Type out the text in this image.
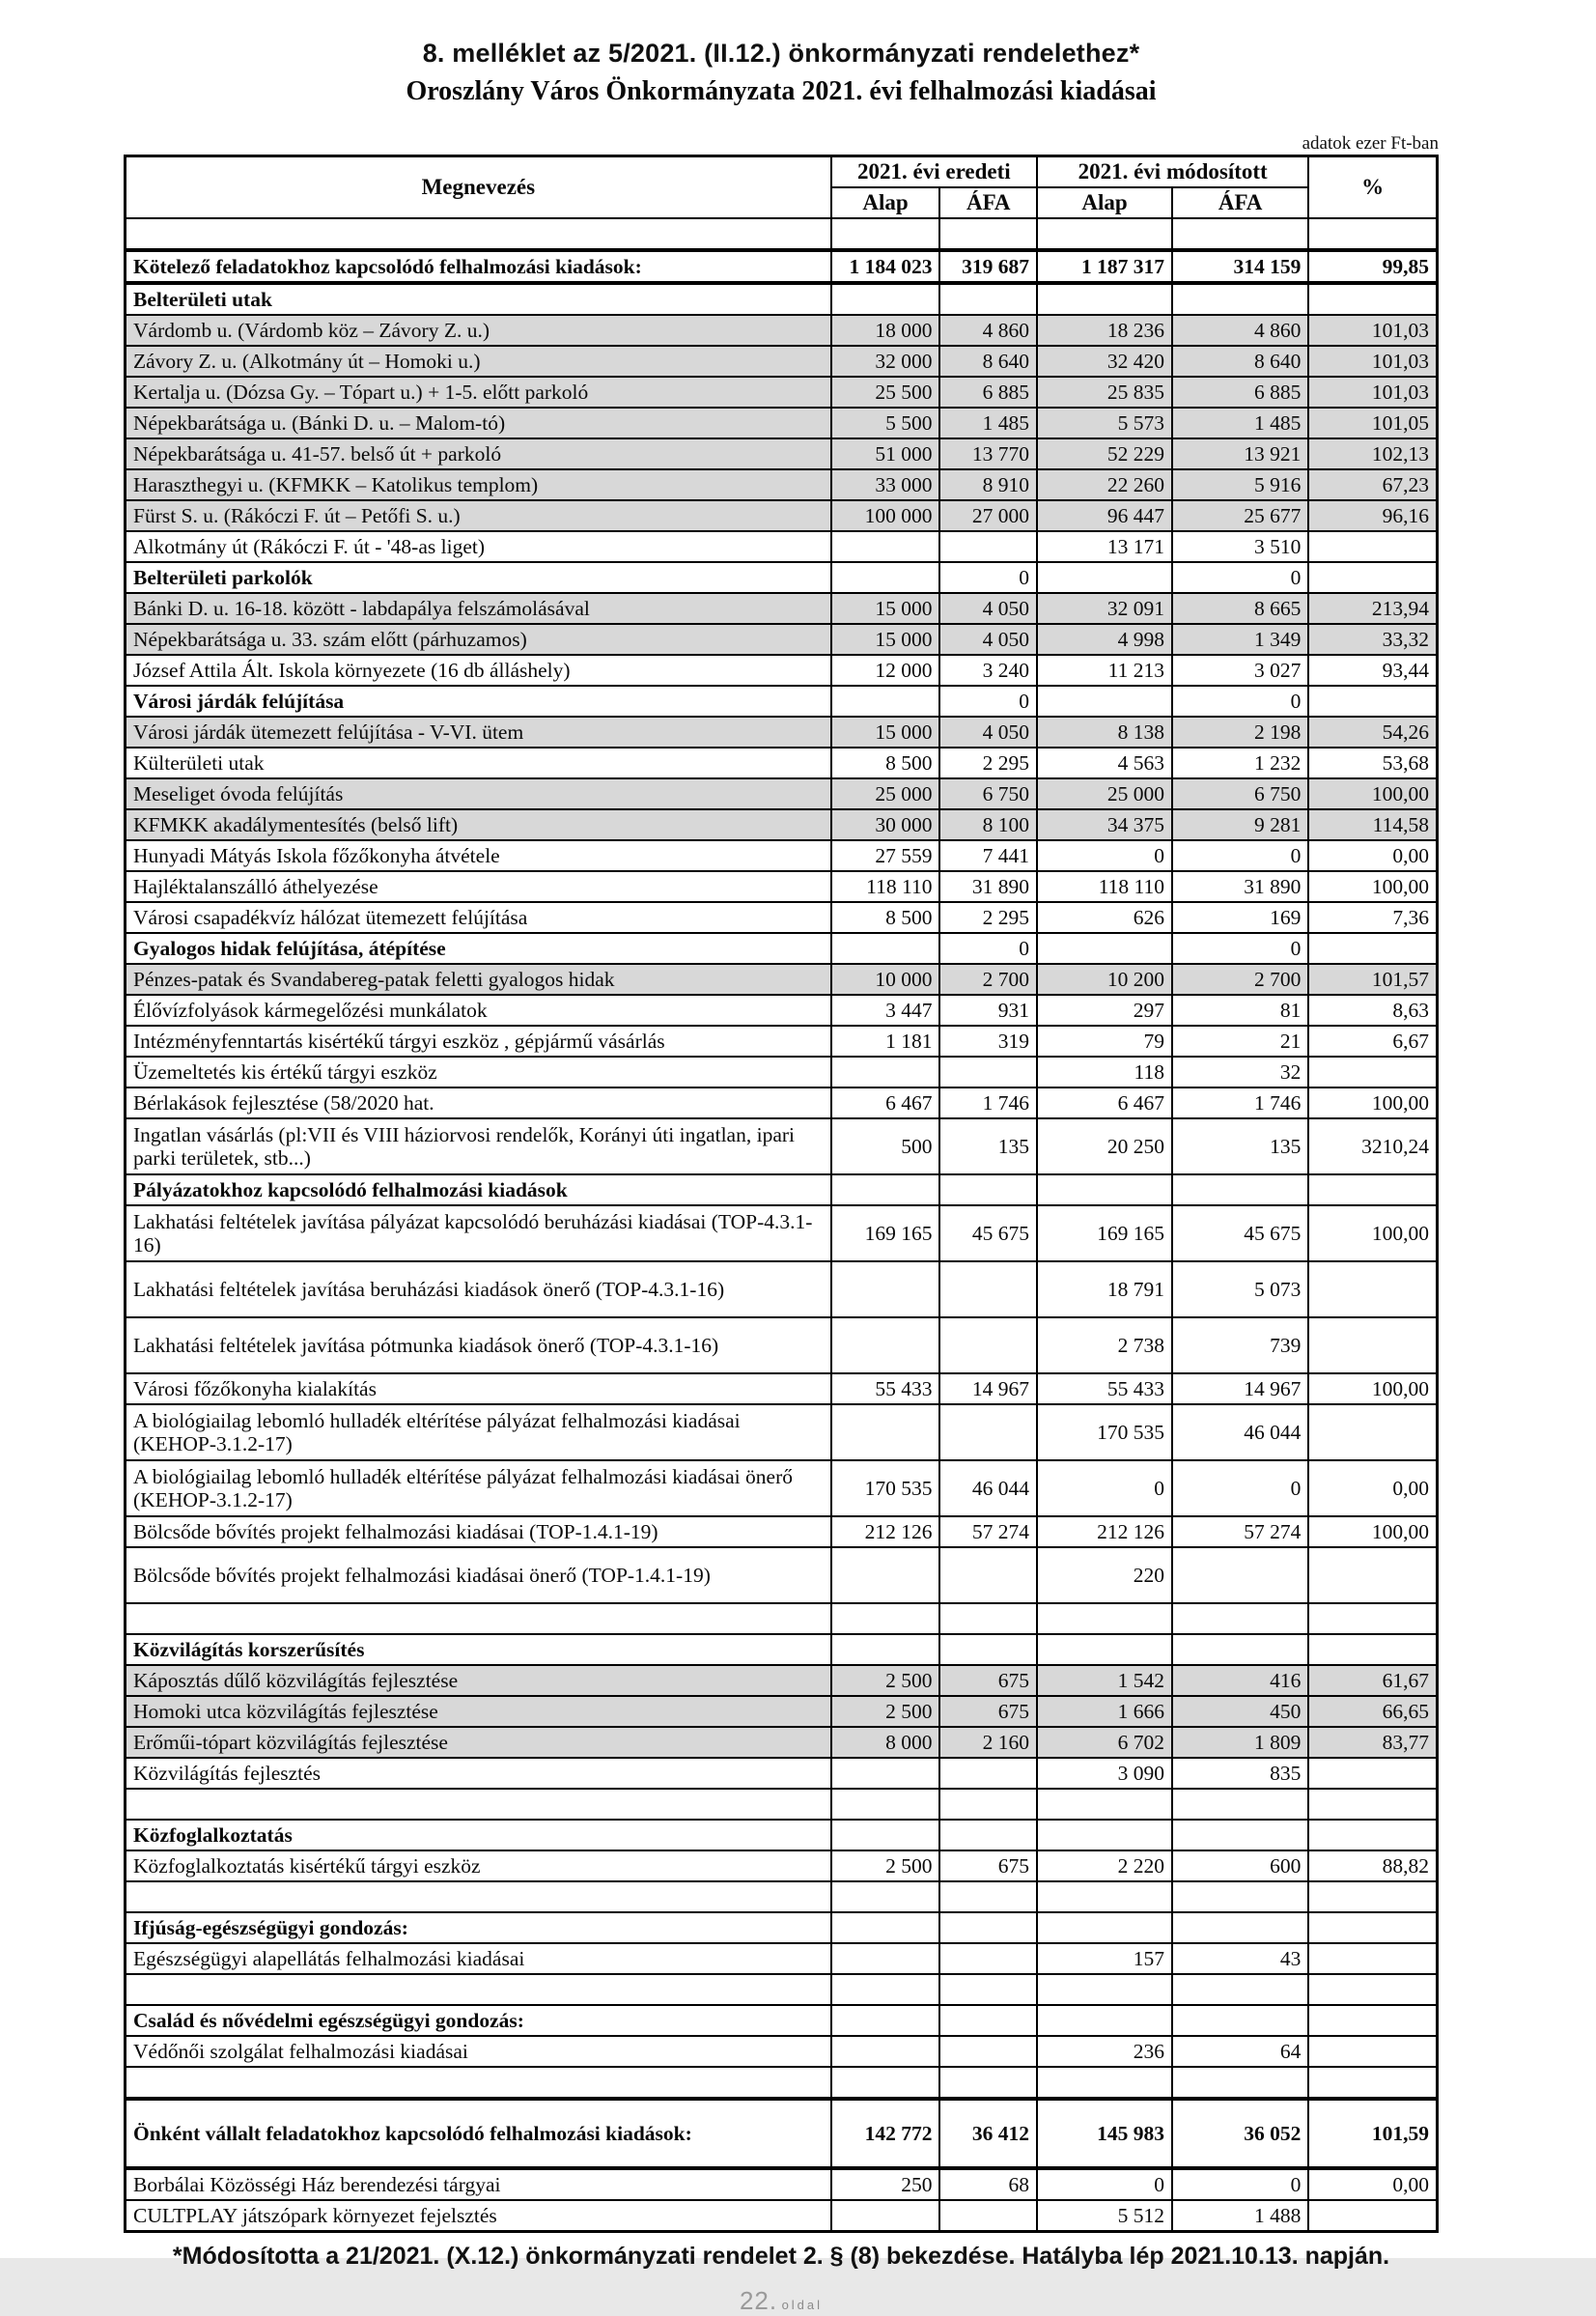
8. melléklet az 5/2021. (II.12.) önkormányzati rendelethez*
Oroszlány Város Önkormányzata 2021. évi felhalmozási kiadásai
adatok ezer Ft-ban
Megnevezés	2021. évi eredeti		2021. évi módosított		%
	Alap	ÁFA	Alap	ÁFA	

Kötelező feladatokhoz kapcsolódó felhalmozási kiadások:	1 184 023	319 687	1 187 317	314 159	99,85
Belterületi utak					
Várdomb u. (Várdomb köz – Závory Z. u.)	18 000	4 860	18 236	4 860	101,03
Závory Z. u. (Alkotmány út – Homoki u.)	32 000	8 640	32 420	8 640	101,03
Kertalja u. (Dózsa Gy. – Tópart u.) + 1-5. előtt parkoló	25 500	6 885	25 835	6 885	101,03
Népekbarátsága u. (Bánki D. u. – Malom-tó)	5 500	1 485	5 573	1 485	101,05
Népekbarátsága u. 41-57. belső út + parkoló	51 000	13 770	52 229	13 921	102,13
Haraszthegyi u. (KFMKK – Katolikus templom)	33 000	8 910	22 260	5 916	67,23
Fürst S. u. (Rákóczi F. út – Petőfi S. u.)	100 000	27 000	96 447	25 677	96,16
Alkotmány út (Rákóczi F. út - '48-as liget)			13 171	3 510	
Belterületi parkolók		0		0	
Bánki D. u. 16-18. között - labdapálya felszámolásával	15 000	4 050	32 091	8 665	213,94
Népekbarátsága u. 33. szám előtt (párhuzamos)	15 000	4 050	4 998	1 349	33,32
József Attila Ált. Iskola környezete (16 db álláshely)	12 000	3 240	11 213	3 027	93,44
Városi járdák felújítása		0		0	
Városi járdák ütemezett felújítása - V-VI. ütem	15 000	4 050	8 138	2 198	54,26
Külterületi utak	8 500	2 295	4 563	1 232	53,68
Meseliget óvoda felújítás	25 000	6 750	25 000	6 750	100,00
KFMKK akadálymentesítés (belső lift)	30 000	8 100	34 375	9 281	114,58
Hunyadi Mátyás Iskola főzőkonyha átvétele	27 559	7 441	0	0	0,00
Hajléktalanszálló áthelyezése	118 110	31 890	118 110	31 890	100,00
Városi csapadékvíz hálózat ütemezett felújítása	8 500	2 295	626	169	7,36
Gyalogos hidak felújítása, átépítése		0		0	
Pénzes-patak és Svandabereg-patak feletti gyalogos hidak	10 000	2 700	10 200	2 700	101,57
Élővízfolyások kármegelőzési munkálatok	3 447	931	297	81	8,63
Intézményfenntartás kisértékű tárgyi eszköz , gépjármű vásárlás	1 181	319	79	21	6,67
Üzemeltetés kis értékű tárgyi eszköz			118	32	
Bérlakások fejlesztése (58/2020 hat.	6 467	1 746	6 467	1 746	100,00
Ingatlan vásárlás (pl:VII és VIII háziorvosi rendelők, Korányi úti ingatlan, ipari parki területek, stb...)	500	135	20 250	135	3210,24
Pályázatokhoz kapcsolódó felhalmozási kiadások					
Lakhatási feltételek javítása pályázat kapcsolódó beruházási kiadásai (TOP-4.3.1-16)	169 165	45 675	169 165	45 675	100,00
Lakhatási feltételek javítása beruházási kiadások önerő (TOP-4.3.1-16)			18 791	5 073	
Lakhatási feltételek javítása pótmunka kiadások önerő (TOP-4.3.1-16)			2 738	739	
Városi főzőkonyha kialakítás	55 433	14 967	55 433	14 967	100,00
A biológiailag lebomló hulladék eltérítése pályázat felhalmozási kiadásai (KEHOP-3.1.2-17)			170 535	46 044	
A biológiailag lebomló hulladék eltérítése pályázat felhalmozási kiadásai önerő (KEHOP-3.1.2-17)	170 535	46 044	0	0	0,00
Bölcsőde bővítés projekt felhalmozási kiadásai (TOP-1.4.1-19)	212 126	57 274	212 126	57 274	100,00
Bölcsőde bővítés projekt felhalmozási kiadásai önerő (TOP-1.4.1-19)			220		

Közvilágítás korszerűsítés					
Káposztás dűlő közvilágítás fejlesztése	2 500	675	1 542	416	61,67
Homoki utca közvilágítás fejlesztése	2 500	675	1 666	450	66,65
Erőműi-tópart közvilágítás fejlesztése	8 000	2 160	6 702	1 809	83,77
Közvilágítás fejlesztés			3 090	835	

Közfoglalkoztatás					
Közfoglalkoztatás kisértékű tárgyi eszköz	2 500	675	2 220	600	88,82

Ifjúság-egészségügyi gondozás:					
Egészségügyi alapellátás felhalmozási kiadásai			157	43	

Család és nővédelmi egészségügyi gondozás:					
Védőnői szolgálat felhalmozási kiadásai			236	64	

Önként vállalt feladatokhoz kapcsolódó felhalmozási kiadások:	142 772	36 412	145 983	36 052	101,59
Borbálai Közösségi Ház berendezési tárgyai	250	68	0	0	0,00
CULTPLAY játszópark környezet fejelsztés			5 512	1 488	
*Módosította a 21/2021. (X.12.) önkormányzati rendelet 2. § (8) bekezdése. Hatályba lép 2021.10.13. napján.
22. oldal
